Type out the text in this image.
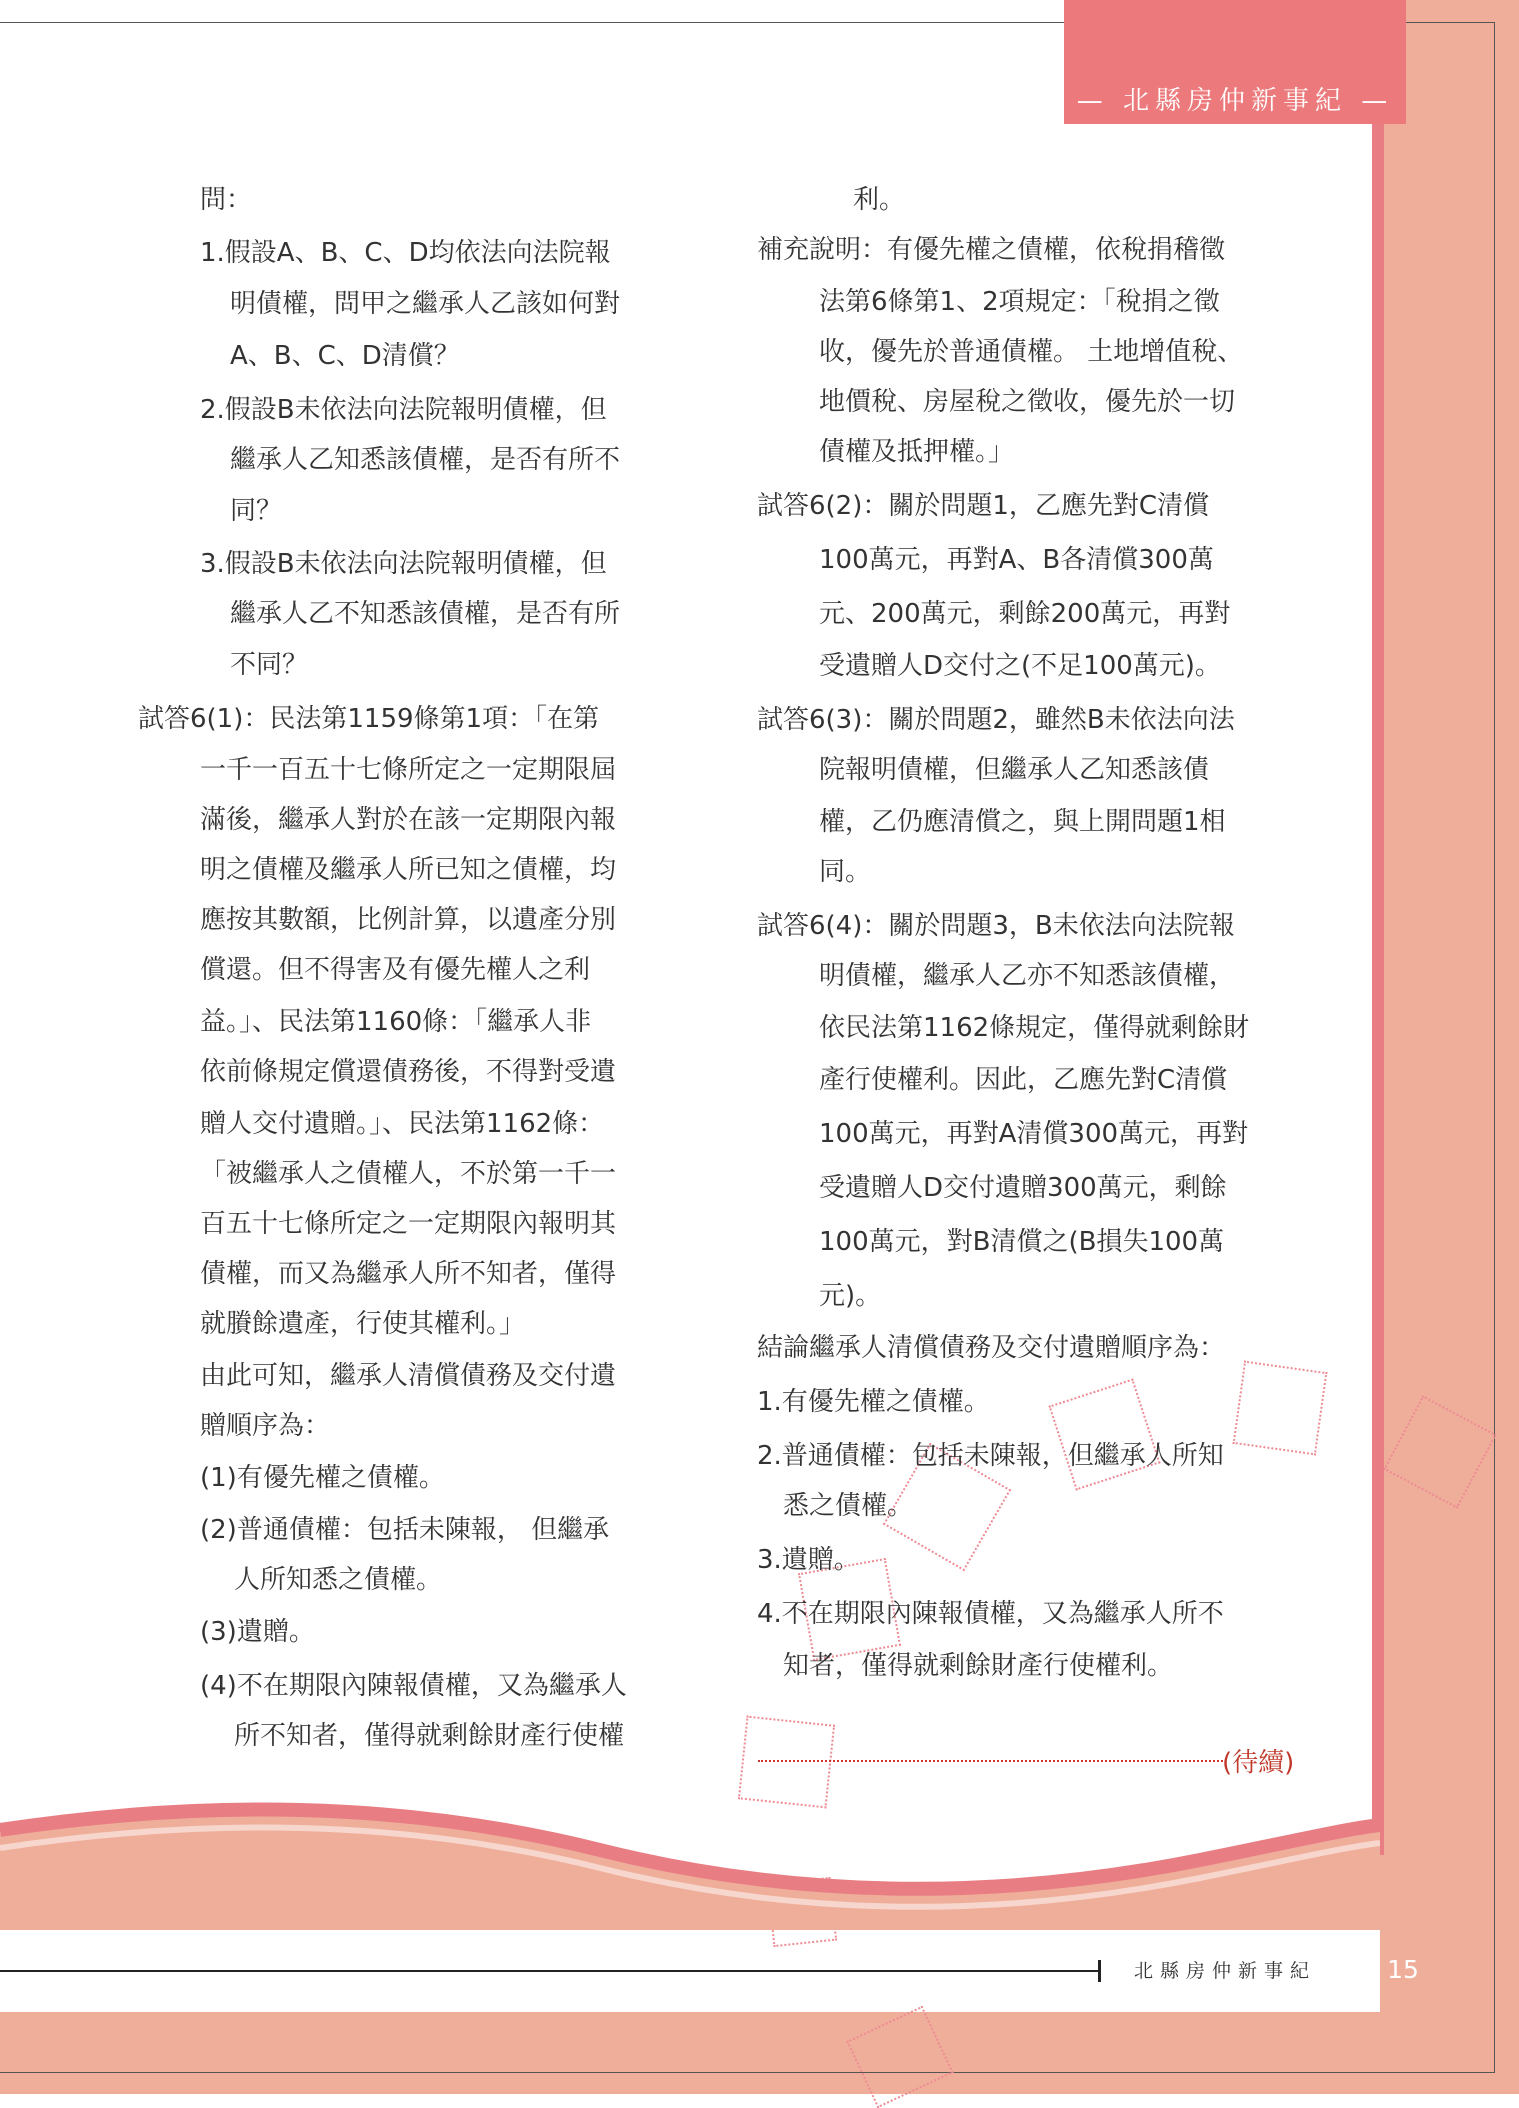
— 北縣房仲新事紀 —
問：
1.假設A、B、C、D均依法向法院報
明債權，問甲之繼承人乙該如何對
A、B、C、D清償？
2.假設B未依法向法院報明債權，但
繼承人乙知悉該債權，是否有所不
同？
3.假設B未依法向法院報明債權，但
繼承人乙不知悉該債權，是否有所
不同？
試答6(1)：民法第1159條第1項：「在第
一千一百五十七條所定之一定期限屆
滿後，繼承人對於在該一定期限內報
明之債權及繼承人所已知之債權，均
應按其數額，比例計算，以遺產分別
償還。但不得害及有優先權人之利
益。」、民法第1160條：「繼承人非
依前條規定償還債務後，不得對受遺
贈人交付遺贈。」、民法第1162條：
「被繼承人之債權人，不於第一千一
百五十七條所定之一定期限內報明其
債權，而又為繼承人所不知者，僅得
就賸餘遺產，行使其權利。」
由此可知，繼承人清償債務及交付遺
贈順序為：
(1)有優先權之債權。
(2)普通債權：包括未陳報， 但繼承
人所知悉之債權。
(3)遺贈。
(4)不在期限內陳報債權，又為繼承人
所不知者，僅得就剩餘財產行使權
利。
補充說明：有優先權之債權，依稅捐稽徵
法第6條第1、2項規定：「稅捐之徵
收，優先於普通債權。 土地增值稅、
地價稅、房屋稅之徵收，優先於一切
債權及抵押權。」
試答6(2)：關於問題1，乙應先對C清償
100萬元，再對A、B各清償300萬
元、200萬元，剩餘200萬元，再對
受遺贈人D交付之(不足100萬元)。
試答6(3)：關於問題2，雖然B未依法向法
院報明債權，但繼承人乙知悉該債
權，乙仍應清償之，與上開問題1相
同。
試答6(4)：關於問題3，B未依法向法院報
明債權，繼承人乙亦不知悉該債權，
依民法第1162條規定，僅得就剩餘財
產行使權利。因此，乙應先對C清償
100萬元，再對A清償300萬元，再對
受遺贈人D交付遺贈300萬元，剩餘
100萬元，對B清償之(B損失100萬
元)。
結論繼承人清償債務及交付遺贈順序為：
1.有優先權之債權。
2.普通債權：包括未陳報，但繼承人所知
悉之債權。
3.遺贈。
4.不在期限內陳報債權，又為繼承人所不
知者，僅得就剩餘財產行使權利。
(待續)
北縣房仲新事紀	15
